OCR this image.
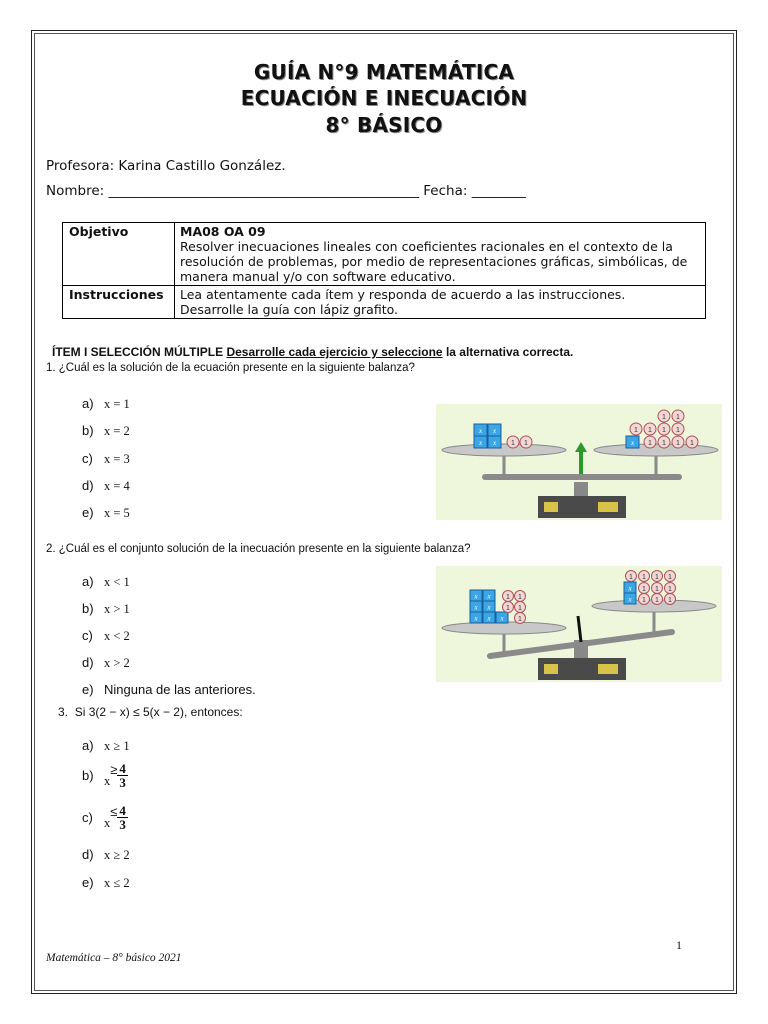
GUÍA N°9 MATEMÁTICA
ECUACIÓN E INECUACIÓN
8° BÁSICO
Profesora: Karina Castillo González.
Nombre: ______________________________________________ Fecha: ________
Objetivo	MA08 OA 09
Resolver inecuaciones lineales con coeficientes racionales en el contexto de la resolución de problemas, por medio de representaciones gráficas, simbólicas, de manera manual y/o con software educativo.

Instrucciones	Lea atentamente cada ítem y responda de acuerdo a las instrucciones.
Desarrolle la guía con lápiz grafito.
ÍTEM I SELECCIÓN MÚLTIPLE Desarrolle cada ejercicio y seleccione la alternativa correcta.
1. ¿Cuál es la solución de la ecuación presente en la siguiente balanza?
a) x = 1
b) x = 2
c) x = 3
d) x = 4
e) x = 5
x x
x x	x
1 1
1 1
1 1 1 1
1 1 1 1
2. ¿Cuál es el conjunto solución de la inecuación presente en la siguiente balanza?
a) x < 1
b) x > 1
c) x < 2
d) x > 2
e) Ninguna de las anteriores.
x x
x x
x x x
x
x
1 1
1 1
1
1 1 1 1
1 1 1
1 1 1
3. Si 3(2 − x) ≤ 5(x − 2), entonces:
a) x ≥ 1
b) $x\ge \frac{4}{3}$
c) $x\le \frac{4}{3}$
d) x ≥ 2
e) x ≤ 2
1
Matemática – 8° básico 2021
